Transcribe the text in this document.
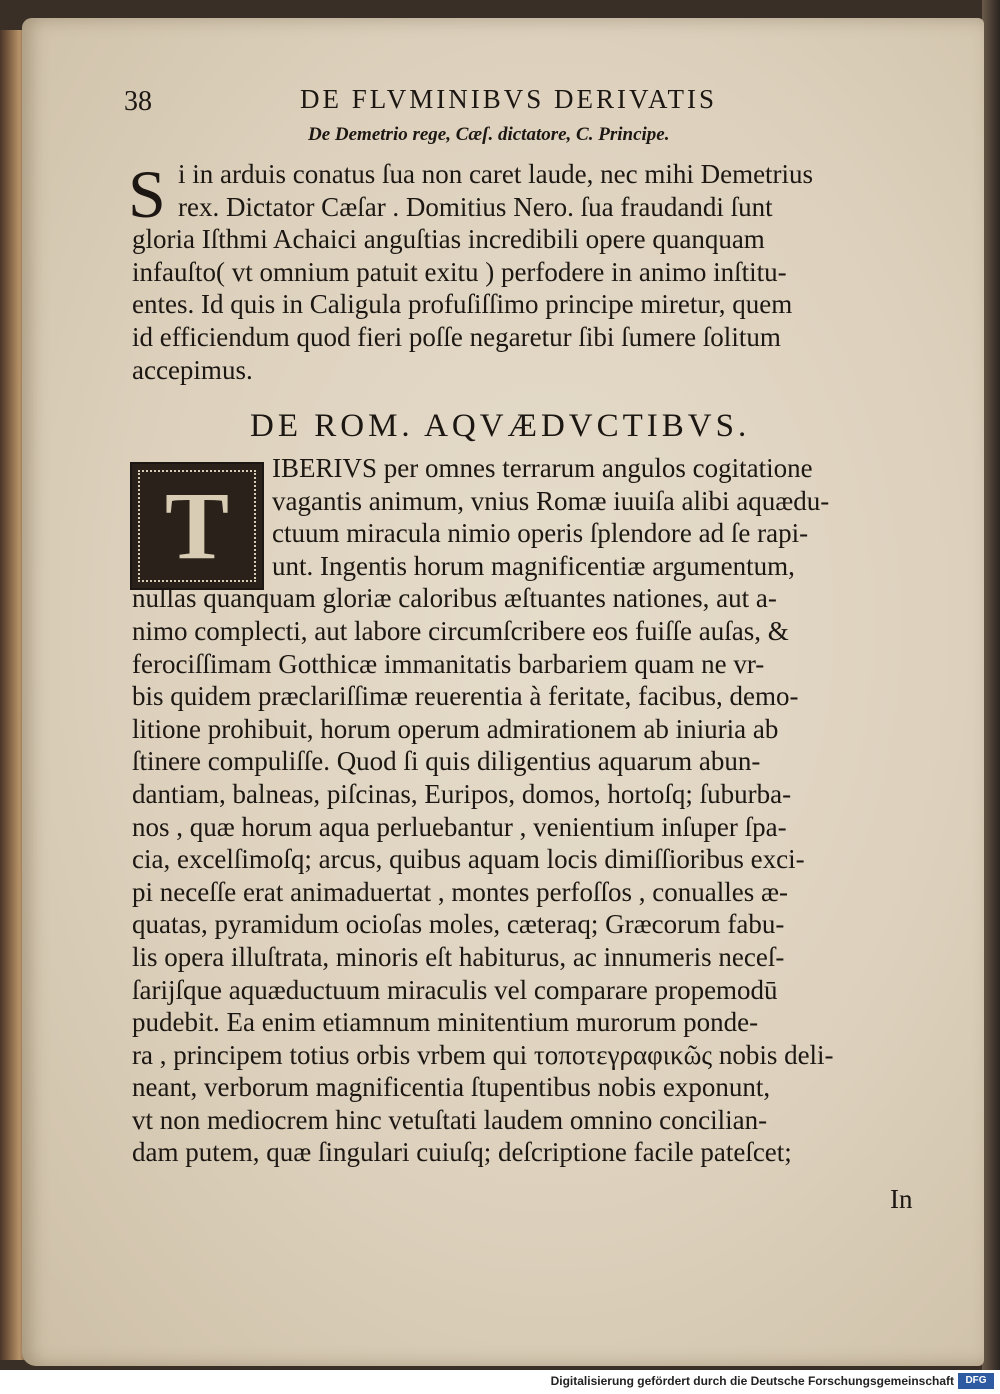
38	DE FLVMINIBVS DERIVATIS
De Demetrio rege, Cæſ. dictatore, C. Principe.
S i in arduis conatus ſua non caret laude, nec mihi Demetrius
rex. Dictator Cæſar . Domitius Nero. ſua fraudandi ſunt
gloria Iſthmi Achaici anguſtias incredibili opere quanquam
infauſto( vt omnium patuit exitu ) perfodere in animo inſtitu-
entes. Id quis in Caligula profuſiſſimo principe miretur, quem
id efficiendum quod fieri poſſe negaretur ſibi ſumere ſolitum
accepimus.
DE ROM. AQVÆDVCTIBVS.
T
IBERIVS per omnes terrarum angulos cogitatione
vagantis animum, vnius Romæ iuuiſa alibi aquædu-
ctuum miracula nimio operis ſplendore ad ſe rapi-
unt. Ingentis horum magnificentiæ argumentum,
nullas quanquam gloriæ caloribus æſtuantes nationes, aut a-
nimo complecti, aut labore circumſcribere eos fuiſſe auſas, &
ferociſſimam Gotthicæ immanitatis barbariem quam ne vr-
bis quidem præclariſſimæ reuerentia à feritate, facibus, demo-
litione prohibuit, horum operum admirationem ab iniuria ab
ſtinere compuliſſe. Quod ſi quis diligentius aquarum abun-
dantiam, balneas, piſcinas, Euripos, domos, hortoſq; ſuburba-
nos , quæ horum aqua perluebantur , venientium inſuper ſpa-
cia, excelſimoſq; arcus, quibus aquam locis dimiſſioribus exci-
pi neceſſe erat animaduertat , montes perfoſſos , conualles æ-
quatas, pyramidum ocioſas moles, cæteraq; Græcorum fabu-
lis opera illuſtrata, minoris eſt habiturus, ac innumeris neceſ-
ſarijſque aquæductuum miraculis vel comparare propemodū
pudebit. Ea enim etiamnum minitentium murorum ponde-
ra , principem totius orbis vrbem qui τοποτεγραφικῶς nobis deli-
neant, verborum magnificentia ſtupentibus nobis exponunt,
vt non mediocrem hinc vetuſtati laudem omnino concilian-
dam putem, quæ ſingulari cuiuſq; deſcriptione facile pateſcet;
In
Digitalisierung gefördert durch die Deutsche Forschungsgemeinschaft	DFG
